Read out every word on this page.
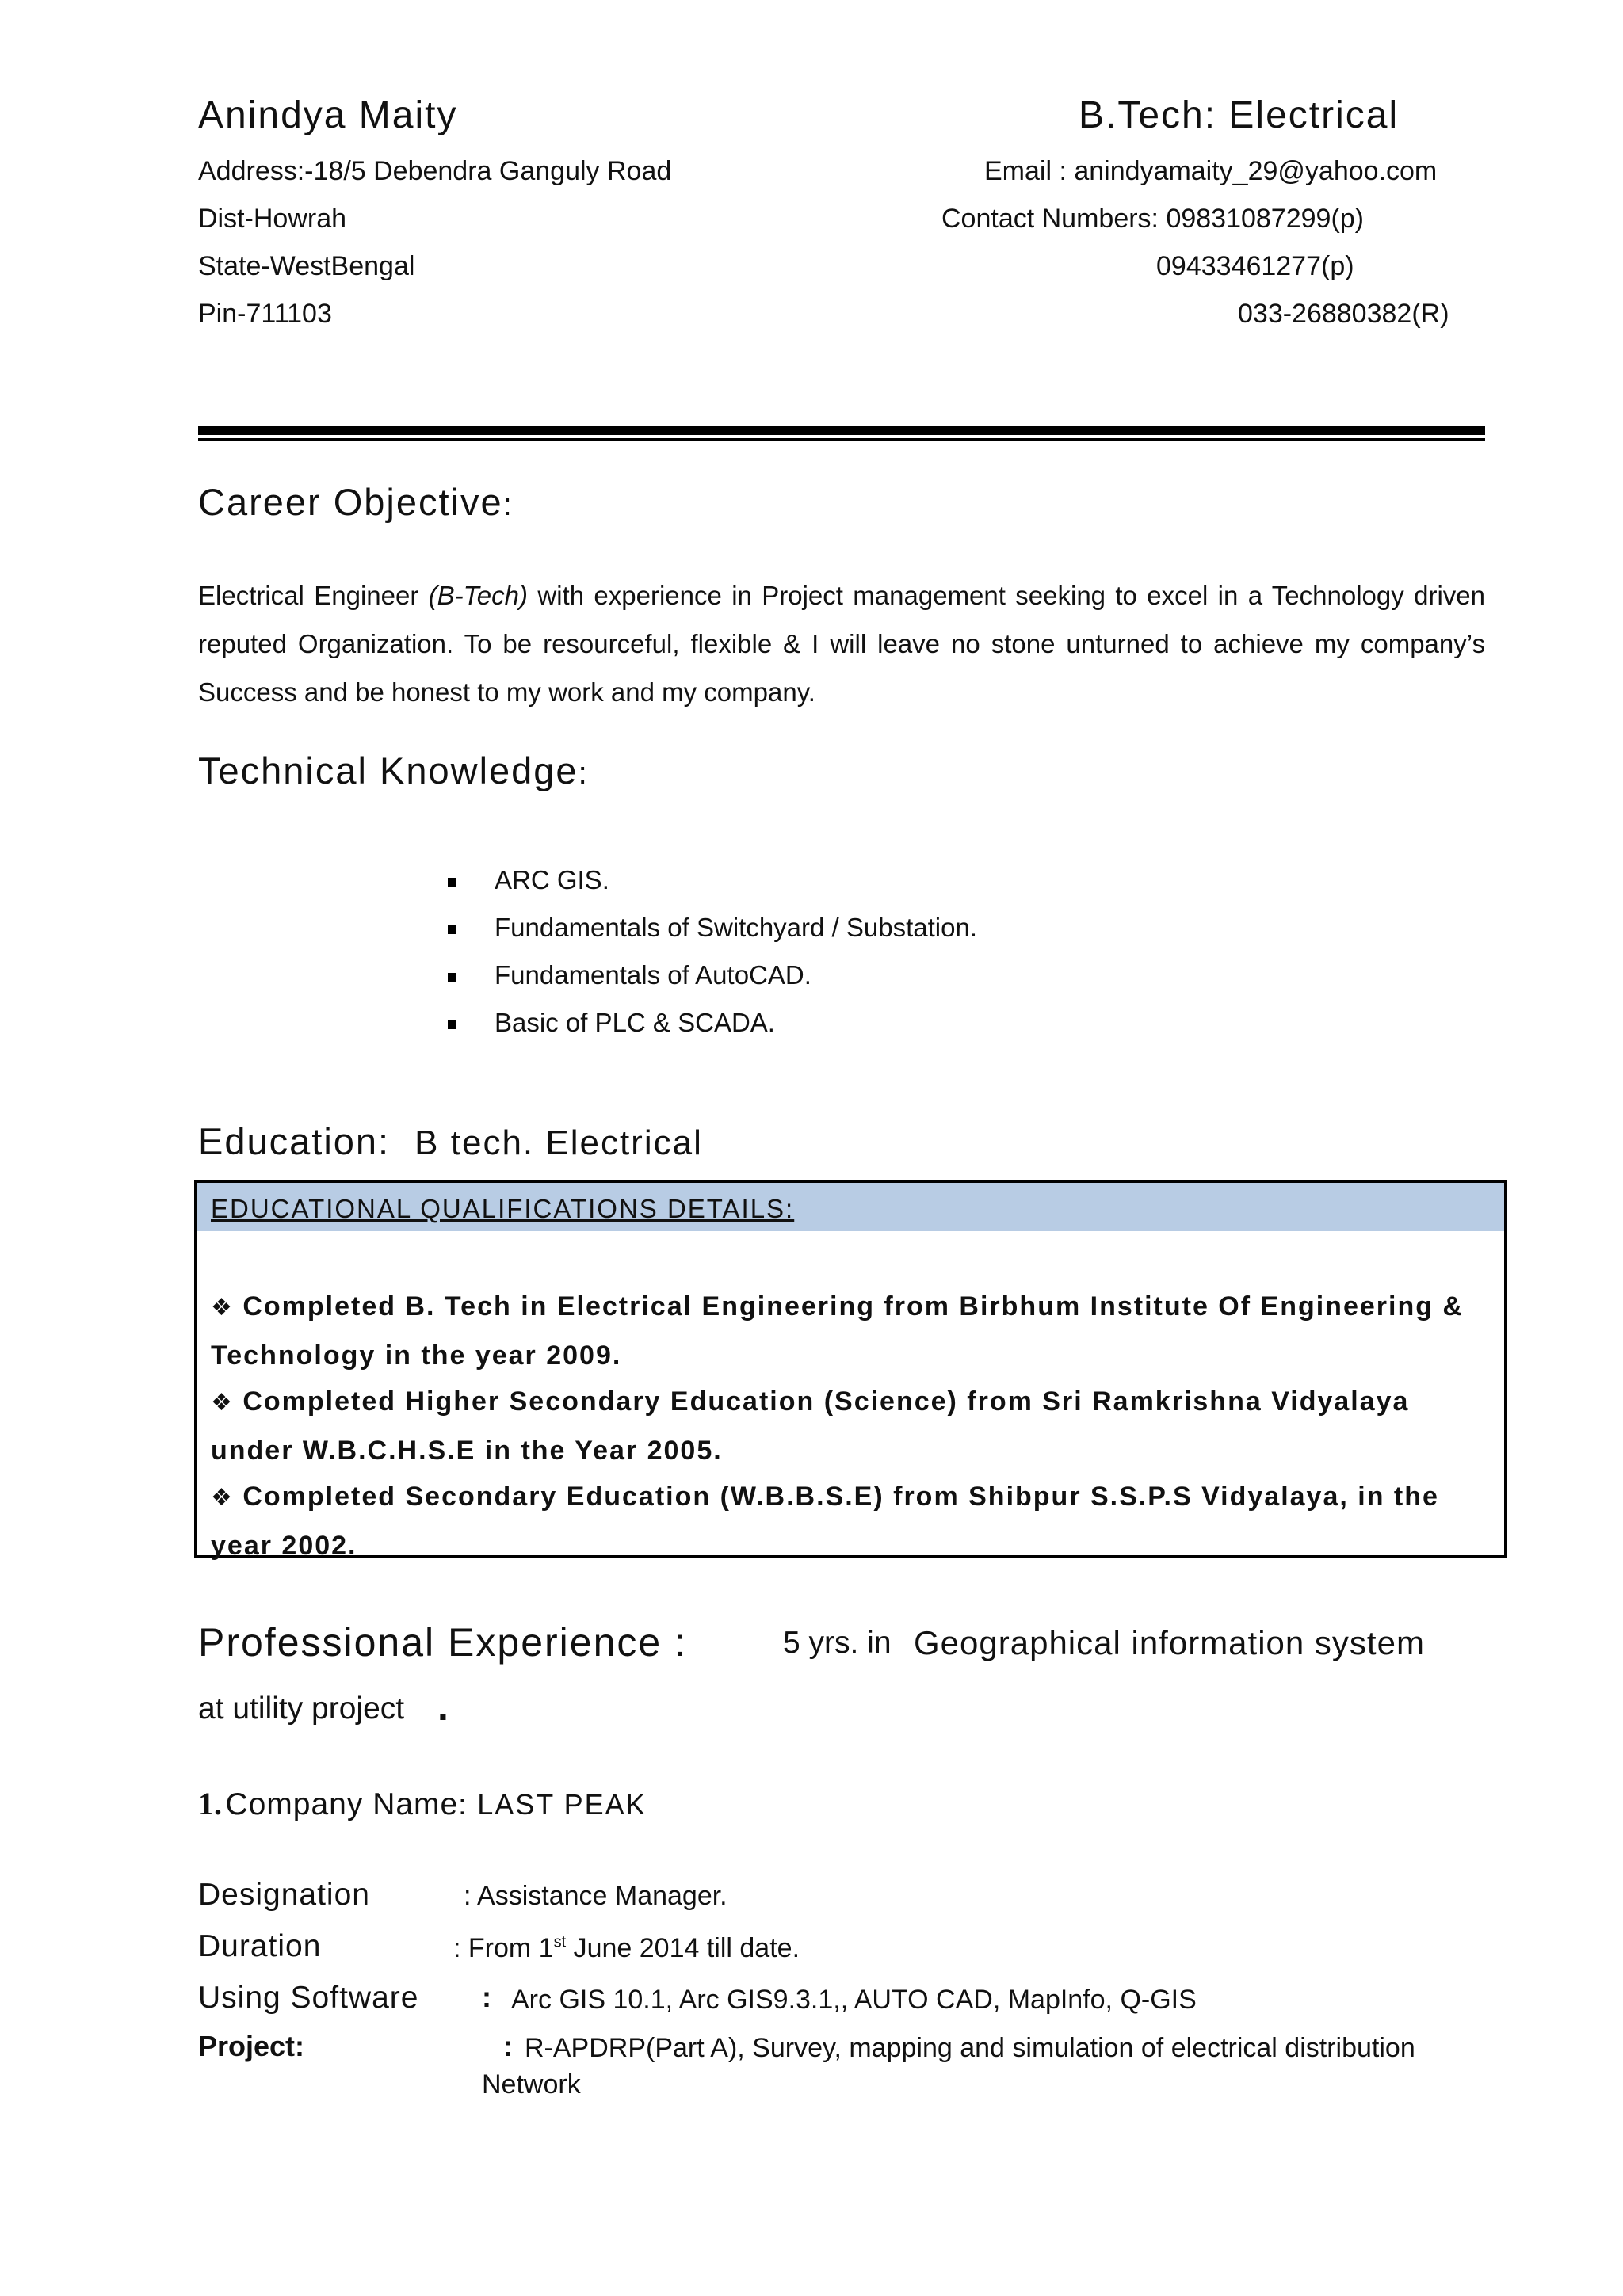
Anindya Maity	B.Tech: Electrical
Address:-18/5 Debendra Ganguly Road
Dist-Howrah
State-WestBengal
Pin-711103
Email : anindyamaity_29@yahoo.com
Contact Numbers: 09831087299(p)
09433461277(p)
033-26880382(R)
Career Objective:
Electrical Engineer (B-Tech) with experience in Project management seeking to excel in a Technology driven reputed Organization. To be resourceful, flexible & I will leave no stone unturned to achieve my company’s Success and be honest to my work and my company.
Technical Knowledge:
ARC GIS.
Fundamentals of Switchyard / Substation.
Fundamentals of AutoCAD.
Basic of PLC & SCADA.
Education: B tech. Electrical
EDUCATIONAL QUALIFICATIONS DETAILS:
❖ Completed B. Tech in Electrical Engineering from Birbhum Institute Of Engineering & Technology in the year 2009.
❖ Completed Higher Secondary Education (Science) from Sri Ramkrishna Vidyalaya under W.B.C.H.S.E in the Year 2005.
❖ Completed Secondary Education (W.B.B.S.E) from Shibpur S.S.P.S Vidyalaya, in the year 2002.
Professional Experience :	5 yrs. in Geographical information system
at utility project .
1. Company Name: LAST PEAK
Designation	: Assistance Manager.
Duration	: From 1st June 2014 till date.
Using Software : Arc GIS 10.1, Arc GIS9.3.1,, AUTO CAD, MapInfo, Q-GIS
Project:	: R-APDRP(Part A), Survey, mapping and simulation of electrical distribution
Network
